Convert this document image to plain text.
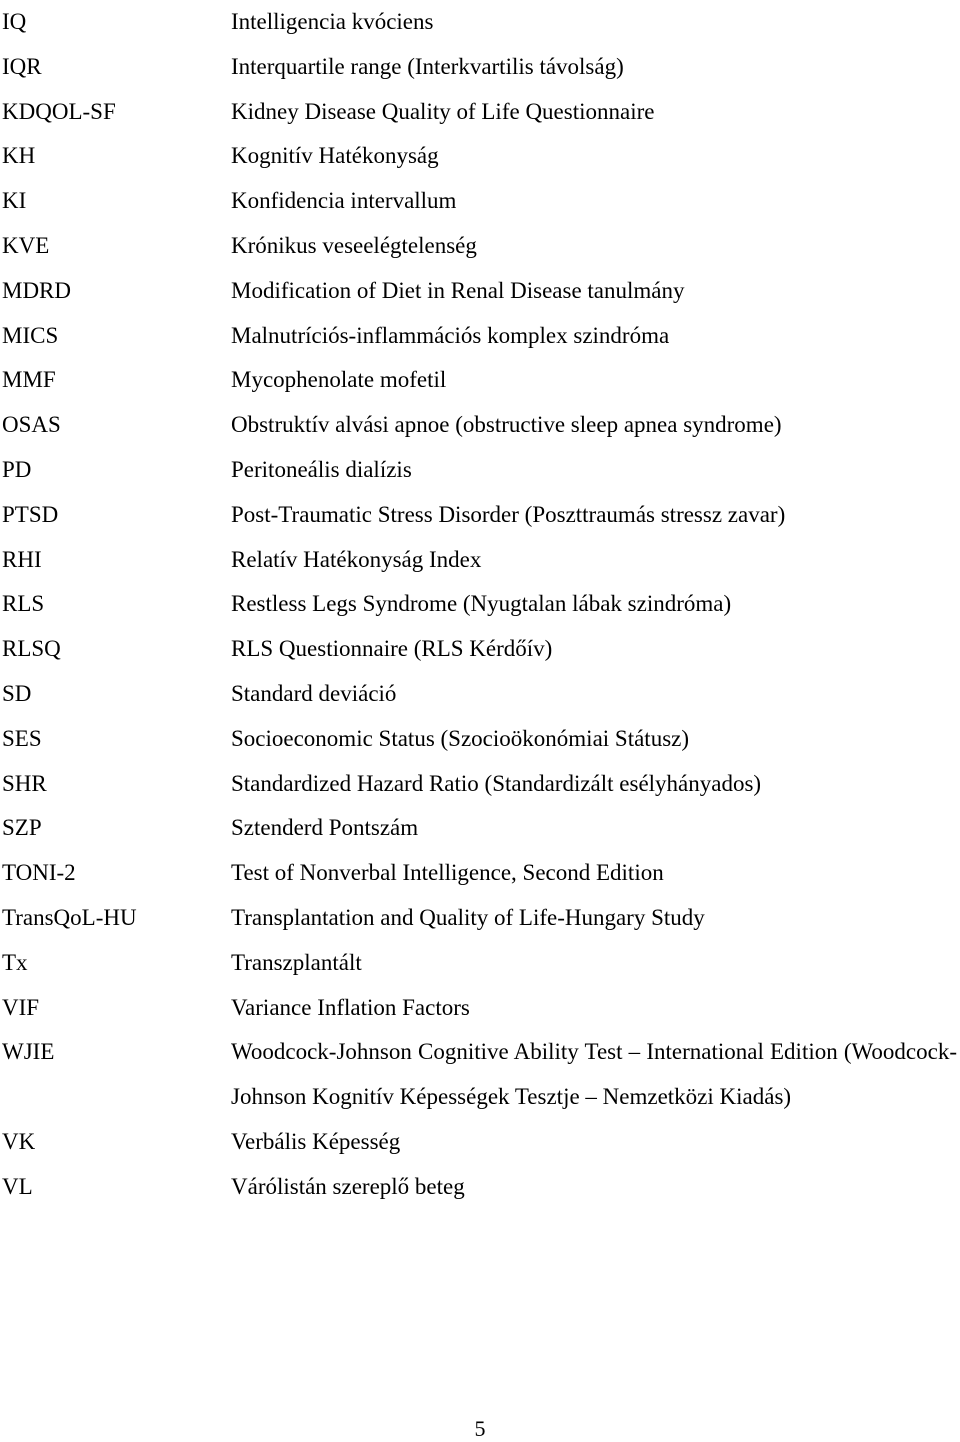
IQ	Intelligencia kvóciens
IQR	Interquartile range (Interkvartilis távolság)
KDQOL-SF	Kidney Disease Quality of Life Questionnaire
KH	Kognitív Hatékonyság
KI	Konfidencia intervallum
KVE	Krónikus veseelégtelenség
MDRD	Modification of Diet in Renal Disease tanulmány
MICS	Malnutríciós-inflammációs komplex szindróma
MMF	Mycophenolate mofetil
OSAS	Obstruktív alvási apnoe (obstructive sleep apnea syndrome)
PD	Peritoneális dialízis
PTSD	Post-Traumatic Stress Disorder (Poszttraumás stressz zavar)
RHI	Relatív Hatékonyság Index
RLS	Restless Legs Syndrome (Nyugtalan lábak szindróma)
RLSQ	RLS Questionnaire (RLS Kérdőív)
SD	Standard deviáció
SES	Socioeconomic Status (Szocioökonómiai Státusz)
SHR	Standardized Hazard Ratio (Standardizált esélyhányados)
SZP	Sztenderd Pontszám
TONI-2	Test of Nonverbal Intelligence, Second Edition
TransQoL-HU	Transplantation and Quality of Life-Hungary Study
Tx	Transzplantált
VIF	Variance Inflation Factors
WJIE	Woodcock-Johnson Cognitive Ability Test – International Edition (Woodcock-Johnson Kognitív Képességek Tesztje – Nemzetközi Kiadás)
VK	Verbális Képesség
VL	Várólistán szereplő beteg
5
